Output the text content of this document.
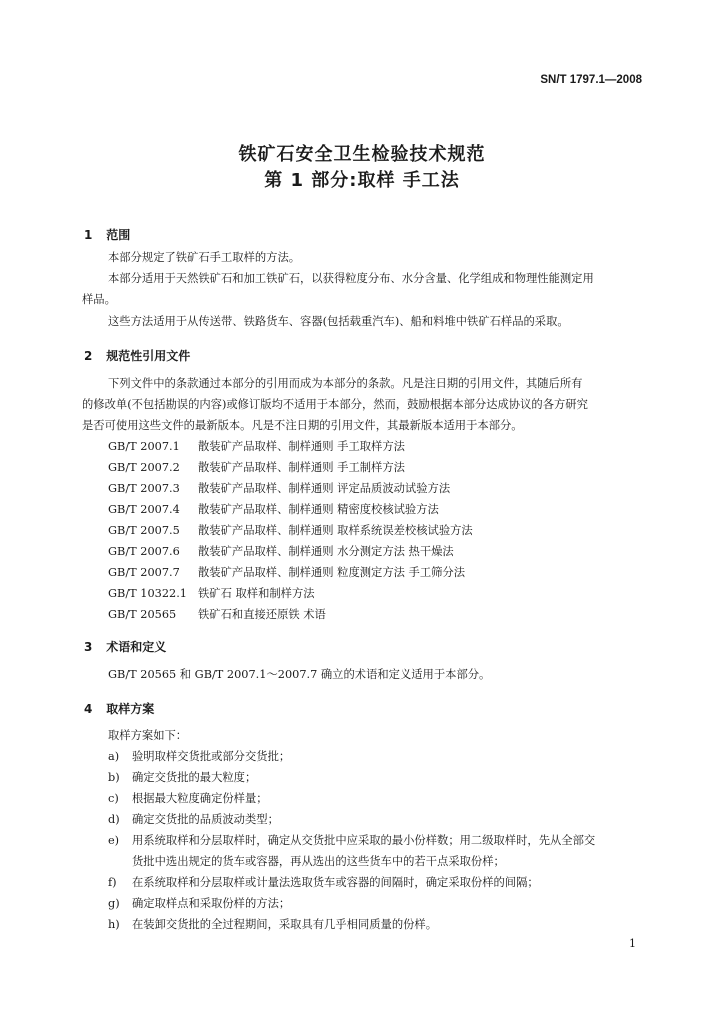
SN/T 1797.1—2008
铁矿石安全卫生检验技术规范
第 1 部分:取样 手工法
1 范围
本部分规定了铁矿石手工取样的方法。
本部分适用于天然铁矿石和加工铁矿石，以获得粒度分布、水分含量、化学组成和物理性能测定用
样品。
这些方法适用于从传送带、铁路货车、容器(包括载重汽车)、船和料堆中铁矿石样品的采取。
2 规范性引用文件
下列文件中的条款通过本部分的引用而成为本部分的条款。凡是注日期的引用文件，其随后所有
的修改单(不包括勘误的内容)或修订版均不适用于本部分，然而，鼓励根据本部分达成协议的各方研究
是否可使用这些文件的最新版本。凡是不注日期的引用文件，其最新版本适用于本部分。
GB/T 2007.1 散装矿产品取样、制样通则 手工取样方法
GB/T 2007.2 散装矿产品取样、制样通则 手工制样方法
GB/T 2007.3 散装矿产品取样、制样通则 评定品质波动试验方法
GB/T 2007.4 散装矿产品取样、制样通则 精密度校核试验方法
GB/T 2007.5 散装矿产品取样、制样通则 取样系统误差校核试验方法
GB/T 2007.6 散装矿产品取样、制样通则 水分测定方法 热干燥法
GB/T 2007.7 散装矿产品取样、制样通则 粒度测定方法 手工筛分法
GB/T 10322.1 铁矿石 取样和制样方法
GB/T 20565 铁矿石和直接还原铁 术语
3 术语和定义
GB/T 20565 和 GB/T 2007.1～2007.7 确立的术语和定义适用于本部分。
4 取样方案
取样方案如下：
a) 验明取样交货批或部分交货批；
b) 确定交货批的最大粒度；
c) 根据最大粒度确定份样量；
d) 确定交货批的品质波动类型；
e) 用系统取样和分层取样时，确定从交货批中应采取的最小份样数；用二级取样时，先从全部交
货批中选出规定的货车或容器，再从选出的这些货车中的若干点采取份样；
f) 在系统取样和分层取样或计量法选取货车或容器的间隔时，确定采取份样的间隔；
g) 确定取样点和采取份样的方法；
h) 在装卸交货批的全过程期间，采取具有几乎相同质量的份样。
1
